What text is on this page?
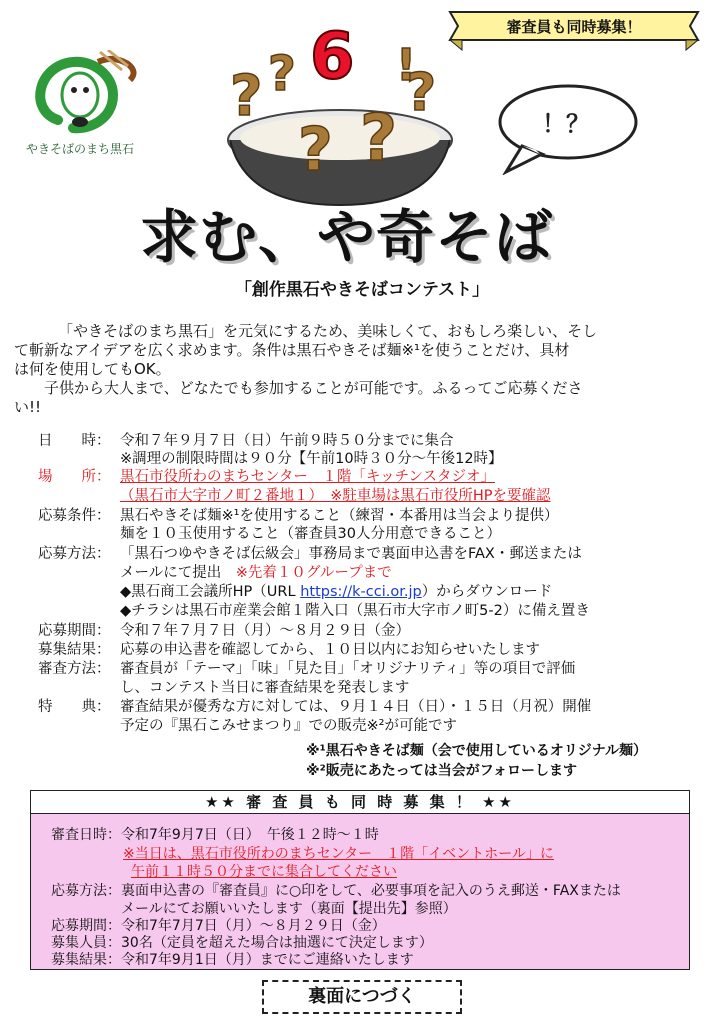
審査員も同時募集！
やきそばのまち黒石
? ?
? ?
?
!
6
！？
求む、や奇そば
「創作黒石やきそばコンテスト」
「やきそばのまち黒石」を元気にするため、美味しくて、おもしろ楽しい、そし
て斬新なアイデアを広く求めます。条件は黒石やきそば麺※¹を使うことだけ、具材
は何を使用してもOK。
子供から大人まで、どなたでも参加することが可能です。ふるってご応募くださ
い!!
日　　時： 令和７年９月７日（日）午前９時５０分までに集合
※調理の制限時間は９０分【午前10時３０分〜午後12時】
場　　所： 黒石市役所わのまちセンター　１階「キッチンスタジオ」
（黒石市大字市ノ町２番地１）　※駐車場は黒石市役所HPを要確認
応募条件： 黒石やきそば麺※¹を使用すること（練習・本番用は当会より提供）
麺を１０玉使用すること（審査員30人分用意できること）
応募方法： 「黒石つゆやきそば伝級会」事務局まで裏面申込書をFAX・郵送または
メールにて提出　 ※先着１０グループまで
◆黒石商工会議所HP（URL https://k-cci.or.jp）からダウンロード
◆チラシは黒石市産業会館１階入口（黒石市大字市ノ町5-2）に備え置き
応募期間： 令和７年７月７日（月）〜８月２９日（金）
募集結果： 応募の申込書を確認してから、１０日以内にお知らせいたします
審査方法： 審査員が「テーマ」「味」「見た目」「オリジナリティ」等の項目で評価
し、コンテスト当日に審査結果を発表します
特　　典： 審査結果が優秀な方に対しては、９月１４日（日）・１５日（月祝）開催
予定の『黒石こみせまつり』での販売※²が可能です
※¹黒石やきそば麺（会で使用しているオリジナル麺）
※²販売にあたっては当会がフォローします
★★ 審 査 員 も 同 時 募 集 ！ ★★
審査日時：令和7年9月7日（日）　午後１２時〜１時
※当日は、黒石市役所わのまちセンター　１階「イベントホール」に
午前１１時５０分までに集合してください
応募方法：裏面申込書の『審査員』に○印をして、必要事項を記入のうえ郵送・FAXまたは
メールにてお願いいたします（裏面【提出先】参照）
応募期間：令和7年7月7日（月）〜８月２９日（金）
募集人員：30名（定員を超えた場合は抽選にて決定します）
募集結果：令和7年9月1日（月）までにご連絡いたします
裏面につづく
